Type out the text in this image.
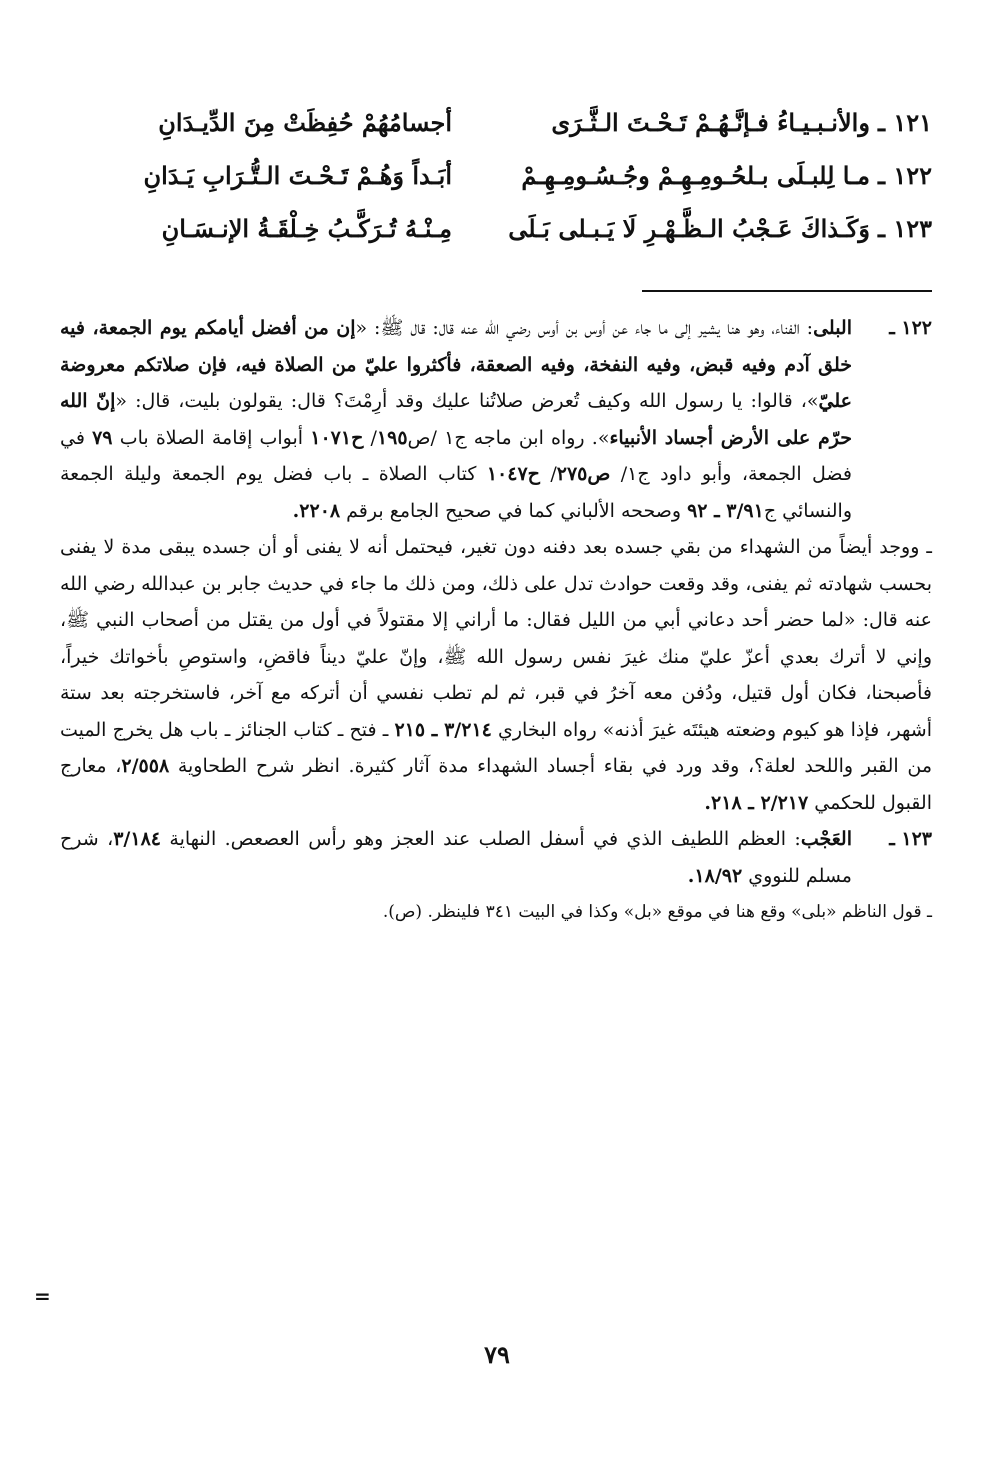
١٢١ ـ
والأنـبـيـاءُ فـإنَّـهُـمْ تَـحْـتَ الـثَّـرَى
أجسامُهُمْ حُفِظَتْ مِنَ الدِّيـدَانِ
١٢٢ ـ
مـا لِلبـلَى بـلحُـومِـهِـمْ وجُـسُـومِـهِـمْ
أبَـداً وَهُـمْ تَـحْـتَ الـتُّـرَابِ يَـدَانِ
١٢٣ ـ
وَكَـذاكَ عَـجْبُ الـظَّـهْـرِ لَا يَـبـلى بَـلَى
مِـنْـهُ تُـرَكَّـبُ خِـلْقَـةُ الإنـسَـانِ
١٢٢ ـ

البلى: الفناء، وهو هنا يشير إلى ما جاء عن أوس بن أوس رضي الله عنه قال: قال ﷺ: «إن من أفضل أيامكم يوم الجمعة، فيه خلق آدم وفيه قبض، وفيه النفخة، وفيه الصعقة، فأكثروا عليّ من الصلاة فيه، فإن صلاتكم معروضة عليّ»، قالوا: يا رسول الله وكيف تُعرض صلاتُنا عليك وقد أرِمْتَ؟ قال: يقولون بليت، قال: «إنّ الله حرّم على الأرض أجساد الأنبياء». رواه ابن ماجه ج١ /ص١٩٥/ ح١٠٧١ أبواب إقامة الصلاة باب ٧٩ في فضل الجمعة، وأبو داود ج١/ ص٢٧٥/ ح١٠٤٧ كتاب الصلاة ـ باب فضل يوم الجمعة وليلة الجمعة والنسائي ج٣/٩١ ـ ٩٢ وصححه الألباني كما في صحيح الجامع برقم ٢٢٠٨.

ـ ووجد أيضاً من الشهداء من بقي جسده بعد دفنه دون تغير، فيحتمل أنه لا يفنى أو أن جسده يبقى مدة لا يفنى بحسب شهادته ثم يفنى، وقد وقعت حوادث تدل على ذلك، ومن ذلك ما جاء في حديث جابر بن عبدالله رضي الله عنه قال: «لما حضر أحد دعاني أبي من الليل فقال: ما أراني إلا مقتولاً في أول من يقتل من أصحاب النبي ﷺ، وإني لا أترك بعدي أعزّ عليّ منك غيرَ نفس رسول الله ﷺ، وإنّ عليّ ديناً فاقضِ، واستوصِ بأخواتك خيراً، فأصبحنا، فكان أول قتيل، ودُفن معه آخرُ في قبر، ثم لم تطب نفسي أن أتركه مع آخر، فاستخرجته بعد ستة أشهر، فإذا هو كيوم وضعته هيئتَه غيرَ أذنه» رواه البخاري ٣/٢١٤ ـ ٢١٥ ـ فتح ـ كتاب الجنائز ـ باب هل يخرج الميت من القبر واللحد لعلة؟، وقد ورد في بقاء أجساد الشهداء مدة آثار كثيرة. انظر شرح الطحاوية ٢/٥٥٨، معارج القبول للحكمي ٢/٢١٧ ـ ٢١٨.

١٢٣ ـ

العَجْب: العظم اللطيف الذي في أسفل الصلب عند العجز وهو رأس العصعص. النهاية ٣/١٨٤، شرح مسلم للنووي ١٨/٩٢.

ـ قول الناظم «بلى» وقع هنا في موقع «بل» وكذا في البيت ٣٤١ فلينظر. (ص).

=
٧٩
